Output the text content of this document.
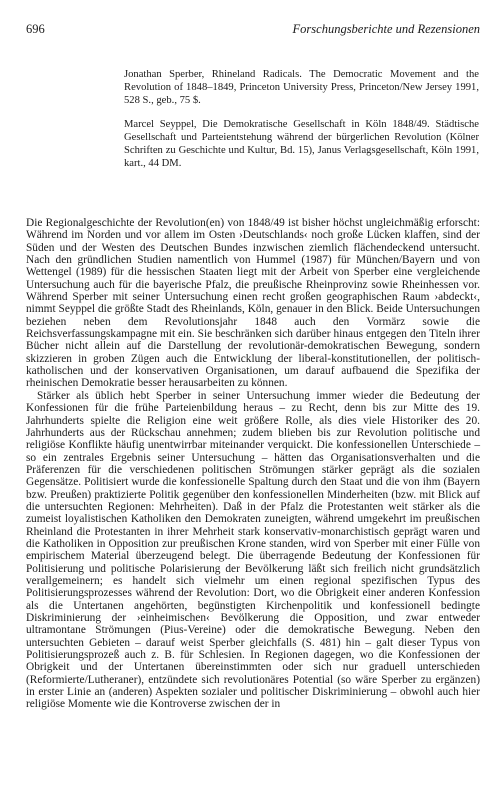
696	Forschungsberichte und Rezensionen

Jonathan Sperber, Rhineland Radicals. The Democratic Movement and the Revolution of 1848–1849, Princeton University Press, Princeton/New Jersey 1991, 528 S., geb., 75 $.

Marcel Seyppel, Die Demokratische Gesellschaft in Köln 1848/49. Städtische Gesellschaft und Parteientstehung während der bürgerlichen Revolution (Kölner Schriften zu Geschichte und Kultur, Bd. 15), Janus Verlagsgesellschaft, Köln 1991, kart., 44 DM.

Die Regionalgeschichte der Revolution(en) von 1848/49 ist bisher höchst ungleichmäßig erforscht: Während im Norden und vor allem im Osten ›Deutschlands‹ noch große Lücken klaffen, sind der Süden und der Westen des Deutschen Bundes inzwischen ziemlich flächendeckend untersucht. Nach den gründlichen Studien namentlich von Hummel (1987) für München/Bayern und von Wettengel (1989) für die hessischen Staaten liegt mit der Arbeit von Sperber eine vergleichende Untersuchung auch für die bayerische Pfalz, die preußische Rheinprovinz sowie Rheinhessen vor. Während Sperber mit seiner Untersuchung einen recht großen geographischen Raum ›abdeckt‹, nimmt Seyppel die größte Stadt des Rheinlands, Köln, genauer in den Blick. Beide Untersuchungen beziehen neben dem Revolutionsjahr 1848 auch den Vormärz sowie die Reichsverfassungskampagne mit ein. Sie beschränken sich darüber hinaus entgegen den Titeln ihrer Bücher nicht allein auf die Darstellung der revolutionär-demokratischen Bewegung, sondern skizzieren in groben Zügen auch die Entwicklung der liberal-konstitutionellen, der politisch-katholischen und der konservativen Organisationen, um darauf aufbauend die Spezifika der rheinischen Demokratie besser herausarbeiten zu können.

Stärker als üblich hebt Sperber in seiner Untersuchung immer wieder die Bedeutung der Konfessionen für die frühe Parteienbildung heraus – zu Recht, denn bis zur Mitte des 19. Jahrhunderts spielte die Religion eine weit größere Rolle, als dies viele Historiker des 20. Jahrhunderts aus der Rückschau annehmen; zudem blieben bis zur Revolution politische und religiöse Konflikte häufig unentwirrbar miteinander verquickt. Die konfessionellen Unterschiede – so ein zentrales Ergebnis seiner Untersuchung – hätten das Organisationsverhalten und die Präferenzen für die verschiedenen politischen Strömungen stärker geprägt als die sozialen Gegensätze. Politisiert wurde die konfessionelle Spaltung durch den Staat und die von ihm (Bayern bzw. Preußen) praktizierte Politik gegenüber den konfessionellen Minderheiten (bzw. mit Blick auf die untersuchten Regionen: Mehrheiten). Daß in der Pfalz die Protestanten weit stärker als die zumeist loyalistischen Katholiken den Demokraten zuneigten, während umgekehrt im preußischen Rheinland die Protestanten in ihrer Mehrheit stark konservativ-monarchistisch geprägt waren und die Katholiken in Opposition zur preußischen Krone standen, wird von Sperber mit einer Fülle von empirischem Material überzeugend belegt. Die überragende Bedeutung der Konfessionen für Politisierung und politische Polarisierung der Bevölkerung läßt sich freilich nicht grundsätzlich verallgemeinern; es handelt sich vielmehr um einen regional spezifischen Typus des Politisierungsprozesses während der Revolution: Dort, wo die Obrigkeit einer anderen Konfession als die Untertanen angehörten, begünstigten Kirchenpolitik und konfessionell bedingte Diskriminierung der ›einheimischen‹ Bevölkerung die Opposition, und zwar entweder ultramontane Strömungen (Pius-Vereine) oder die demokratische Bewegung. Neben den untersuchten Gebieten – darauf weist Sperber gleichfalls (S. 481) hin – galt dieser Typus von Politisierungsprozeß auch z. B. für Schlesien. In Regionen dagegen, wo die Konfessionen der Obrigkeit und der Untertanen übereinstimmten oder sich nur graduell unterschieden (Reformierte/Lutheraner), entzündete sich revolutionäres Potential (so wäre Sperber zu ergänzen) in erster Linie an (anderen) Aspekten sozialer und politischer Diskriminierung – obwohl auch hier religiöse Momente wie die Kontroverse zwischen der in
